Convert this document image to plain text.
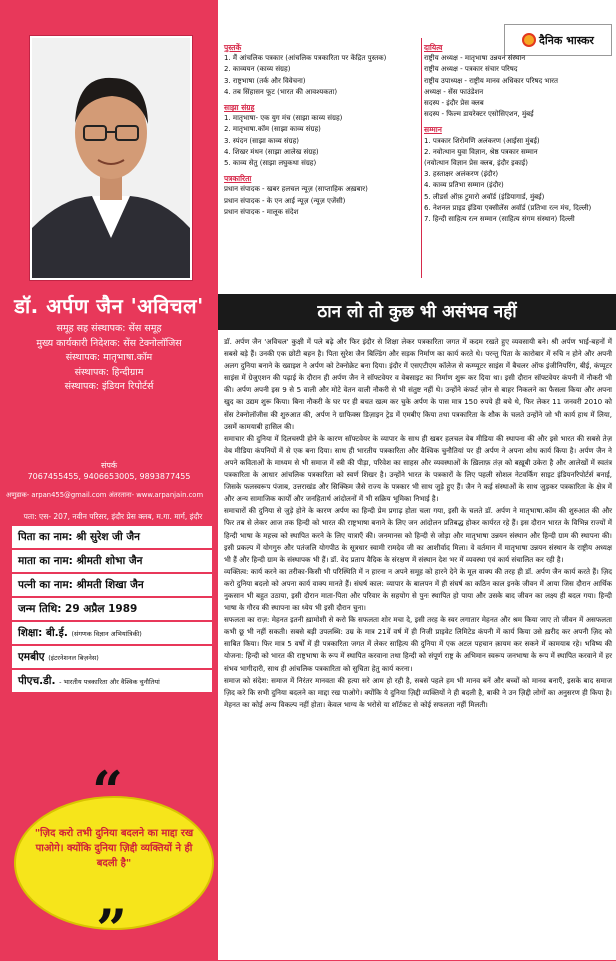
डॉ. अर्पण जैन 'अविचल'
समूह सह संस्थापक: सेंस समूह
मुख्य कार्यकारी निदेशक: सेंस टेक्नोलॉजिस
संस्थापक: मातृभाषा.कॉम
संस्थापक: हिन्दीग्राम
संस्थापक: इंडियन रिपोर्टर्स
संपर्क
7067455455, 9406653005, 9893877455
अणुडाक- arpan455@gmail.com अंतरताना- www.arpanjain.com
पता: एस- 207, नवीन परिसर, इंदौर प्रेस क्लब, म.गा. मार्ग, इंदौर
पिता का नाम: श्री सुरेश जी जैन
माता का नाम: श्रीमती शोभा जैन
पत्नी का नाम: श्रीमती शिखा जैन
जन्म तिथि: 29 अप्रैल 1989
शिक्षा: बी.ई. (संगणक विज्ञान अभियांत्रिकी)
एमबीए (इंटरनेशनल बिज़नेस)
पीएच.डी. - भारतीय पत्रकारिता और वैश्विक चुनौतियां
“
"ज़िद करो तभी दुनिया बदलने का माद्दा रख पाओगे। क्योंकि दुनिया ज़िद्दी व्यक्तियों ने ही बदली है"
”
दैनिक भास्कर
पुस्तकें
1. मैं आंचलिक पत्रकार (आंचलिक पत्रकारिता पर केंद्रित पुस्तक)
2. काव्ययन (काव्य संग्रह)
3. राष्ट्रभाषा (तर्क और विवेचना)
4. तब सिंहासन फूट (भारत की आवश्यकता)
साझा संग्रह
1. मातृभाषा- एक युग मंच (साझा काव्य संग्रह)
2. मातृभाषा.कॉम (साझा काव्य संग्रह)
3. स्पंदन (साझा काव्य संग्रह)
4. शिखर मंथन (साझा आलेख संग्रह)
5. काव्य सेतु (साझा लघुकथा संग्रह)
पत्रकारिता
प्रधान संपादक - खबर हलचल न्यूज़ (साप्ताहिक अख़बार)
प्रधान संपादक - के एन आई न्यूज़ (न्यूज़ एजेंसी)
प्रधान संपादक - मालूक संदेश
दायित्व
राष्ट्रीय अध्यक्ष - मातृभाषा उन्नयन संस्थान
राष्ट्रीय अध्यक्ष - पत्रकार संचार परिषद
राष्ट्रीय उपाध्यक्ष - राष्ट्रीय मानव अधिकार परिषद भारत
अध्यक्ष - सेंस फाउंडेशन
सदस्य - इंदौर प्रेस क्लब
सदस्य - फिल्म डायरेक्टर एसोसिएशन, मुंबई
सम्मान
1. पत्रकार शिरोमणि अलंकरण (आईसा मुंबई)
2. नवोत्थान युवा विज्ञान, श्रेष्ठ पत्रकार सम्मान
(नवोत्थान विज्ञान प्रेस क्लब, इंदौर इकाई)
3. हस्ताक्षर अलंकरण (इंदौर)
4. काव्य प्रतिभा सम्मान (इंदौर)
5. लीडर्स ऑफ़ टुमारो अवॉर्ड (इंडियागार्ड, मुंबई)
6. नेशनल प्राइड इंडिया एक्सीलेंस अवॉर्ड (प्रतिभा रत्न मंच, दिल्ली)
7. हिन्दी साहित्य रत्न सम्मान (साहित्य संगम संस्थान) दिल्ली
ठान लो तो कुछ भी असंभव नहीं

डॉ. अर्पण जैन 'अविचल' कुक्षी में पले बढ़े और फिर इंदौर से शिक्षा लेकर पत्रकारिता जगत में कदम रखते हुए व्यवसायी बने। श्री अर्पण भाई-बहनों में सबसे बड़े हैं। उनकी एक छोटी बहन है। पिता सुरेश जैन बिल्डिंग और सड़क निर्माण का कार्य करते थे। परन्तु पिता के कारोबार में रुचि न होने और अपनी अलग दुनिया बनाने के ख्वाइश ने अर्पण को टेक्नोक्रेट बना दिया। इंदौर में एसएटीएम कॉलेज से कम्प्यूटर साइंस में बैचलर ऑफ इंजीनियरिंग, बीई, कंप्यूटर साइंस में ग्रेजुएशन की पढ़ाई के दौरान ही अर्पण जैन ने सॉफ्टवेयर व वेबसाइट का निर्माण शुरू कर दिया था। इसी दौरान सॉफ्टवेयर कंपनी में नौकरी भी की। अर्पण अपनी इस 9 से 5 वाली और मोटे वेतन वाली नौकरी से भी संतुष्ट नहीं थे। उन्होंने कंफर्ट ज़ोन से बाहर निकलने का फैसला किया और अपना खुद का उद्यम शुरू किया। बिना नौकरी के घर पर ही बचत खत्म कर चुके अर्पण के पास मात्र 150 रुपये ही बचे थे, फिर लेकर 11 जनवरी 2010 को सेंस टेक्नोलॉजीस की शुरुआत की, अर्पण ने ग्राफिक्स डिज़ाइन ट्रेड में एमबीए किया तथा पत्रकारिता के शौक के चलते उन्होंने जो भी कार्य हाथ में लिया, उसमें कामयाबी हासिल की।

समाचार की दुनिया में दिलचस्पी होने के कारण सॉफ्टवेयर के व्यापार के साथ ही खबर हलचल वेब मीडिया की स्थापना की और इसे भारत की सबसे तेज़ वेब मीडिया कंपनियों में से एक बना दिया। साथ ही भारतीय पत्रकारिता और वैश्विक चुनौतियां पर ही अर्पण ने अपना शोध कार्य किया है। अर्पण जैन ने अपने कविताओं के माध्यम से भी समाज में स्त्री की पीड़ा, परिवेश का साहस और व्यवस्थाओं के ख़िलाफ़ तंज़ को बख़ूबी उकेरा है और आलेखों में स्वतंत्र पत्रकारिता के आधार आंचलिक पत्रकारिता को स्वर्ण शिखर है। उन्होंने भारत के पत्रकारों के लिए पहली सोशल नेटवर्किंग साइट इंडियनरिपोर्टर्स बनाई, जिसके फलस्वरूप पंजाब, उत्तराखंड और सिक्किम जैसे राज्य के पत्रकार भी साथ जुड़े हुए हैं। जैन ने कई संस्थाओं के साथ जुड़कर पत्रकारिता के क्षेत्र में और अन्य सामाजिक कार्यों और जनहितार्थ आंदोलनों में भी सक्रिय भूमिका निभाई है।

समाचारों की दुनिया से जुड़े होने के कारण अर्पण का हिन्दी प्रेम प्रगाढ़ होता चला गया, इसी के चलते डॉ. अर्पण ने मातृभाषा.कॉम की शुरुआत की और फिर तब से लेकर आज तक हिन्दी को भारत की राष्ट्रभाषा बनाने के लिए जन आंदोलन प्रतिबद्ध होकर कार्यरत रहे हैं। इस दौरान भारत के विभिन्न राज्यों में हिन्दी भाषा के महत्त्व को स्थापित करने के लिए यात्राएँ की। जनमानस को हिन्दी से जोड़ा और मातृभाषा उन्नयन संस्थान और हिन्दी ग्राम की स्थापना की। इसी प्रकल्प में योगगुरु और पतंजलि योगपीठ के सूत्रधार स्वामी रामदेव जी का आशीर्वाद मिला। वे वर्तमान में मातृभाषा उन्नयन संस्थान के राष्ट्रीय अध्यक्ष भी हैं और हिन्दी ग्राम के संस्थापक भी हैं। डॉ. वेद प्रताप वैदिक के संरक्षण में संस्थान देश भर में व्यवस्था एवं कार्य संचालित कर रही है।

व्यक्तित्व: कार्य करने का तरीका-किसी भी परिस्थिति में न हारना न अपने समूह को हारने देने के मूल वाक्य की तरह ही डॉ. अर्पण जैन कार्य करते हैं। ज़िद करो दुनिया बदलो को अपना कार्य वाक्य मानते हैं। संघर्ष काल: व्यापार के बालपन में ही संघर्ष का कठिन काल इनके जीवन में आया जिस दौरान आर्थिक नुकसान भी बहुत उठाया, इसी दौरान माता-पिता और परिवार के सहयोग से पुनः स्थापित हो पाया और उसके बाद जीवन का लक्ष्य ही बदल गया। हिन्दी भाषा के गौरव की स्थापना का ध्येय भी इसी दौरान चुना।

सफलता का राज़: मेहनत इतनी ख़ामोशी से करो कि सफलता शोर मचा दे, इसी तरह के स्वर लगातार मेहनत और श्रम किया जाए तो जीवन में असफलता कभी छू भी नहीं सकती। सबसे बड़ी उपलब्धि: उम्र के मात्र 21वें वर्ष में ही निजी प्राइवेट लिमिटेड कंपनी में कार्य किया उसे ख़रीद कर अपनी ज़िद को साबित किया। फिर मात्र 5 वर्षों में ही पत्रकारिता जगत में लेकर साहित्य की दुनिया में एक अटल पहचान क़ायम कर सकने में कामयाब रहे। भविष्य की योजना: हिन्दी को भारत की राष्ट्रभाषा के रूप में स्थापित करवाना तथा हिन्दी को संपूर्ण राष्ट्र के अभिमान स्वरूप जनभाषा के रूप में स्थापित करवाने में हर संभव भागीदारी, साथ ही आंचलिक पत्रकारिता को सुचिता हेतु कार्य करना।

समाज को संदेश: समाज में निरंतर मानवता की हत्या सरे आम हो रही है, सबसे पहले हम भी मानव बनें और बच्चों को मानव बनाएँ, इसके बाद समाज ज़िद करे कि सभी दुनिया बदलने का माद्दा रख पाओगे। क्योंकि ये दुनिया ज़िद्दी व्यक्तियों ने ही बदली है, बाकी ने उन ज़िद्दी लोगों का अनुसरण ही किया है। मेहनत का कोई अन्य विकल्प नहीं होता। केवल भाग्य के भरोसे या शॉर्टकट से कोई सफलता नहीं मिलती।
